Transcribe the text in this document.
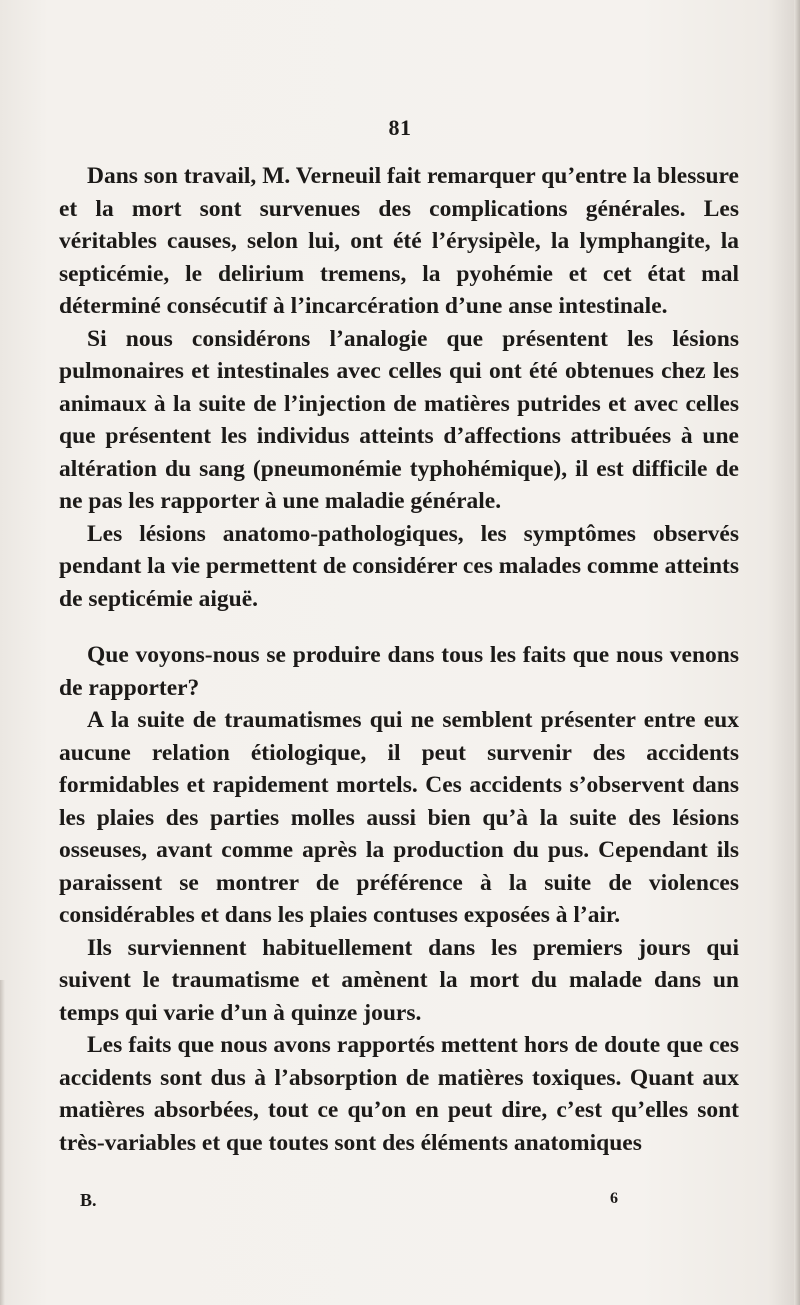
81

Dans son travail, M. Verneuil fait remarquer qu’entre la blessure et la mort sont survenues des complications générales. Les véritables causes, selon lui, ont été l’érysipèle, la lymphangite, la septicémie, le delirium tremens, la pyohémie et cet état mal déterminé consécutif à l’incarcération d’une anse intestinale.

Si nous considérons l’analogie que présentent les lésions pulmonaires et intestinales avec celles qui ont été obtenues chez les animaux à la suite de l’injection de matières putrides et avec celles que présentent les individus atteints d’affections attribuées à une altération du sang (pneumonémie typhohémique), il est difficile de ne pas les rapporter à une maladie générale.

Les lésions anatomo-pathologiques, les symptômes observés pendant la vie permettent de considérer ces malades comme atteints de septicémie aiguë.

Que voyons-nous se produire dans tous les faits que nous venons de rapporter?

A la suite de traumatismes qui ne semblent présenter entre eux aucune relation étiologique, il peut survenir des accidents formidables et rapidement mortels. Ces accidents s’observent dans les plaies des parties molles aussi bien qu’à la suite des lésions osseuses, avant comme après la production du pus. Cependant ils paraissent se montrer de préférence à la suite de violences considérables et dans les plaies contuses exposées à l’air.

Ils surviennent habituellement dans les premiers jours qui suivent le traumatisme et amènent la mort du malade dans un temps qui varie d’un à quinze jours.

Les faits que nous avons rapportés mettent hors de doute que ces accidents sont dus à l’absorption de matières toxiques. Quant aux matières absorbées, tout ce qu’on en peut dire, c’est qu’elles sont très-variables et que toutes sont des éléments anatomiques

B.	6
